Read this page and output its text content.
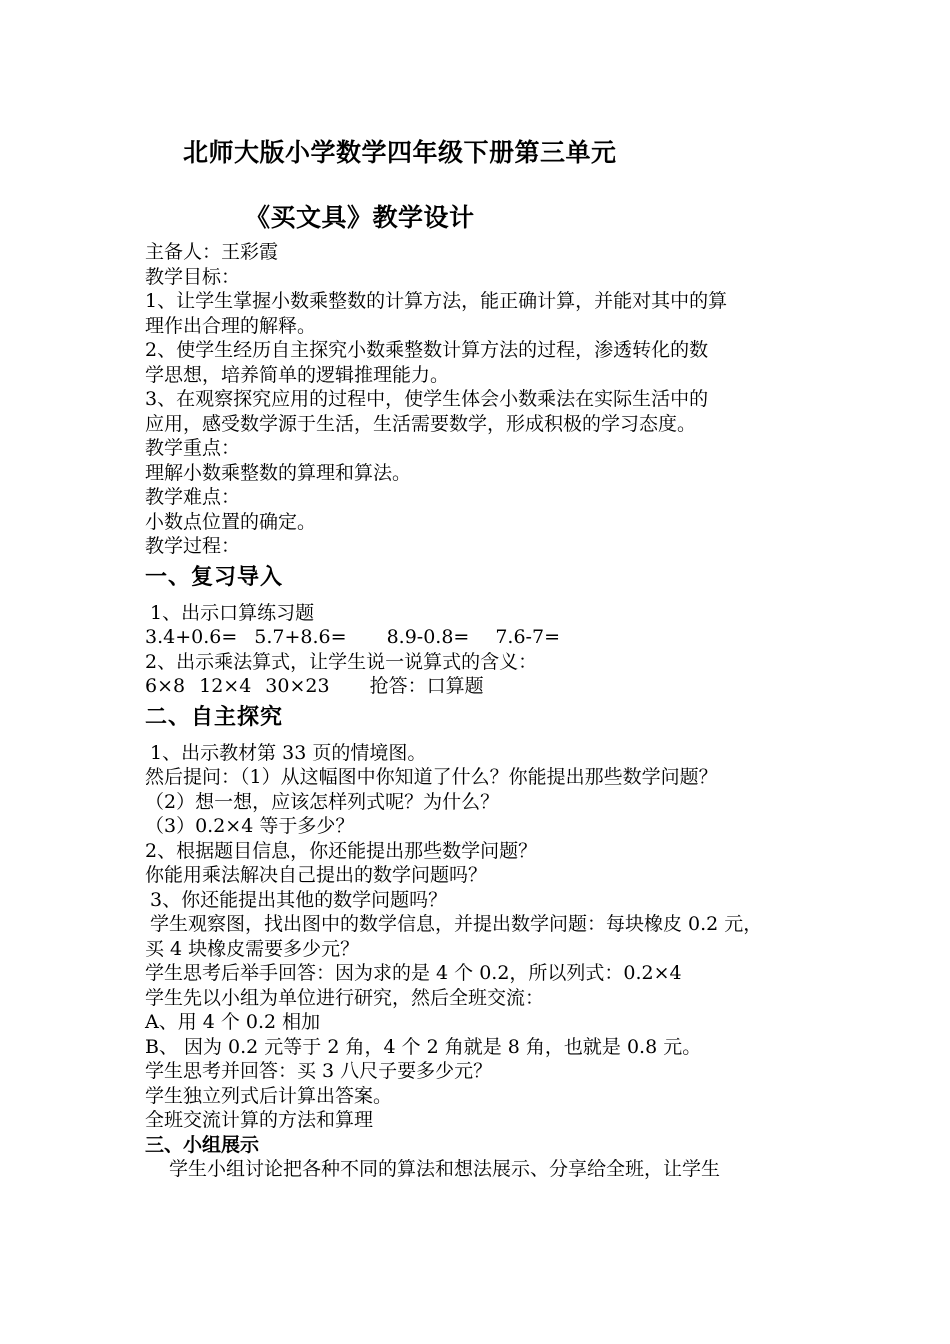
北师大版小学数学四年级下册第三单元
《买文具》教学设计
主备人：王彩霞
教学目标：
1、让学生掌握小数乘整数的计算方法，能正确计算，并能对其中的算
理作出合理的解释。
2、使学生经历自主探究小数乘整数计算方法的过程，渗透转化的数
学思想，培养简单的逻辑推理能力。
3、在观察探究应用的过程中，使学生体会小数乘法在实际生活中的
应用，感受数学源于生活，生活需要数学，形成积极的学习态度。
教学重点：
理解小数乘整数的算理和算法。
教学难点：
小数点位置的确定。
教学过程：
一、复习导入
1、出示口算练习题
3.4+0.6= 5.7+8.6= 8.9-0.8= 7.6-7=
2、出示乘法算式，让学生说一说算式的含义：
6×8 12×4 30×23 抢答：口算题
二、自主探究
1、出示教材第 33 页的情境图。
然后提问：（1）从这幅图中你知道了什么？你能提出那些数学问题？
（2）想一想，应该怎样列式呢？为什么？
（3）0.2×4 等于多少？
2、根据题目信息，你还能提出那些数学问题？
你能用乘法解决自己提出的数学问题吗？
3、你还能提出其他的数学问题吗？
学生观察图，找出图中的数学信息，并提出数学问题：每块橡皮 0.2 元，
买 4 块橡皮需要多少元？
学生思考后举手回答：因为求的是 4 个 0.2，所以列式：0.2×4
学生先以小组为单位进行研究，然后全班交流：
A、用 4 个 0.2 相加
B、 因为 0.2 元等于 2 角，4 个 2 角就是 8 角，也就是 0.8 元。
学生思考并回答：买 3 八尺子要多少元？
学生独立列式后计算出答案。
全班交流计算的方法和算理
三、小组展示
学生小组讨论把各种不同的算法和想法展示、分享给全班，让学生
